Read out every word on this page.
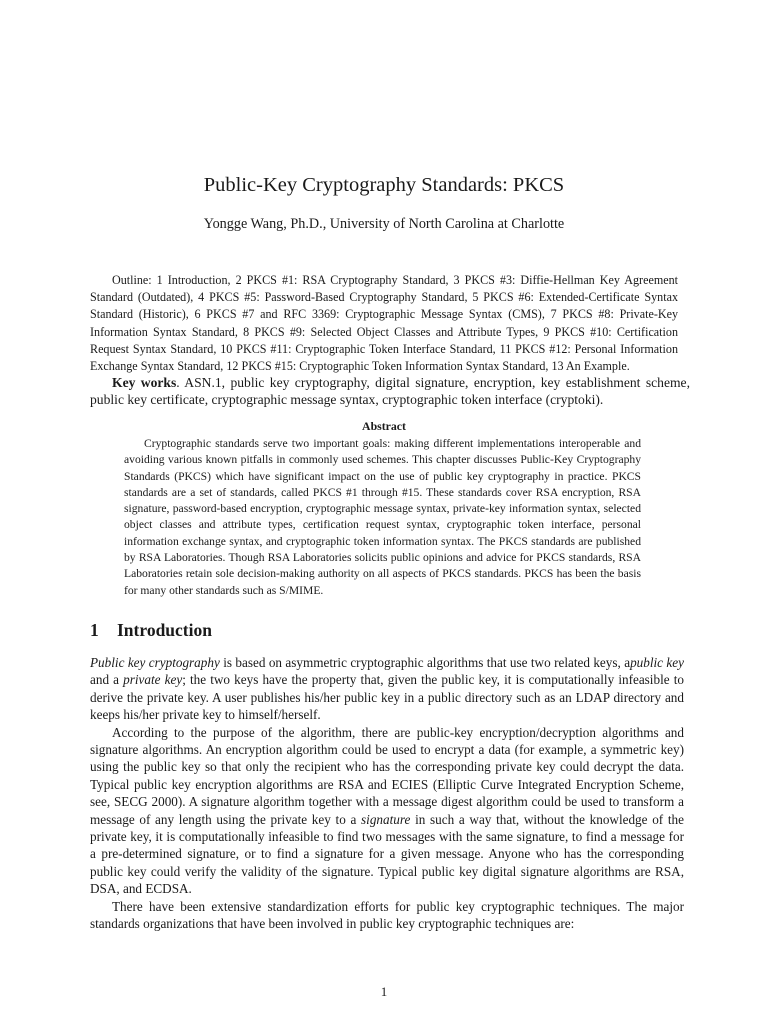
Public-Key Cryptography Standards: PKCS
Yongge Wang, Ph.D., University of North Carolina at Charlotte

Outline: 1 Introduction, 2 PKCS #1: RSA Cryptography Standard, 3 PKCS #3: Diffie-Hellman Key Agreement Standard (Outdated), 4 PKCS #5: Password-Based Cryptography Standard, 5 PKCS #6: Extended-Certificate Syntax Standard (Historic), 6 PKCS #7 and RFC 3369: Cryptographic Message Syntax (CMS), 7 PKCS #8: Private-Key Information Syntax Standard, 8 PKCS #9: Selected Object Classes and Attribute Types, 9 PKCS #10: Certification Request Syntax Standard, 10 PKCS #11: Cryptographic Token Interface Standard, 11 PKCS #12: Personal Information Exchange Syntax Standard, 12 PKCS #15: Cryptographic Token Information Syntax Standard, 13 An Example.

Key works. ASN.1, public key cryptography, digital signature, encryption, key establishment scheme, public key certificate, cryptographic message syntax, cryptographic token interface (cryptoki).

Abstract

Cryptographic standards serve two important goals: making different implementations interoperable and avoiding various known pitfalls in commonly used schemes. This chapter discusses Public-Key Cryptography Standards (PKCS) which have significant impact on the use of public key cryptography in practice. PKCS standards are a set of standards, called PKCS #1 through #15. These standards cover RSA encryption, RSA signature, password-based encryption, cryptographic message syntax, private-key information syntax, selected object classes and attribute types, certification request syntax, cryptographic token interface, personal information exchange syntax, and cryptographic token information syntax. The PKCS standards are published by RSA Laboratories. Though RSA Laboratories solicits public opinions and advice for PKCS standards, RSA Laboratories retain sole decision-making authority on all aspects of PKCS standards. PKCS has been the basis for many other standards such as S/MIME.

1 Introduction

Public key cryptography is based on asymmetric cryptographic algorithms that use two related keys, apublic key and a private key; the two keys have the property that, given the public key, it is computationally infeasible to derive the private key. A user publishes his/her public key in a public directory such as an LDAP directory and keeps his/her private key to himself/herself.

According to the purpose of the algorithm, there are public-key encryption/decryption algorithms and signature algorithms. An encryption algorithm could be used to encrypt a data (for example, a symmetric key) using the public key so that only the recipient who has the corresponding private key could decrypt the data. Typical public key encryption algorithms are RSA and ECIES (Elliptic Curve Integrated Encryption Scheme, see, SECG 2000). A signature algorithm together with a message digest algorithm could be used to transform a message of any length using the private key to a signature in such a way that, without the knowledge of the private key, it is computationally infeasible to find two messages with the same signature, to find a message for a pre-determined signature, or to find a signature for a given message. Anyone who has the corresponding public key could verify the validity of the signature. Typical public key digital signature algorithms are RSA, DSA, and ECDSA.

There have been extensive standardization efforts for public key cryptographic techniques. The major standards organizations that have been involved in public key cryptographic techniques are:

1
